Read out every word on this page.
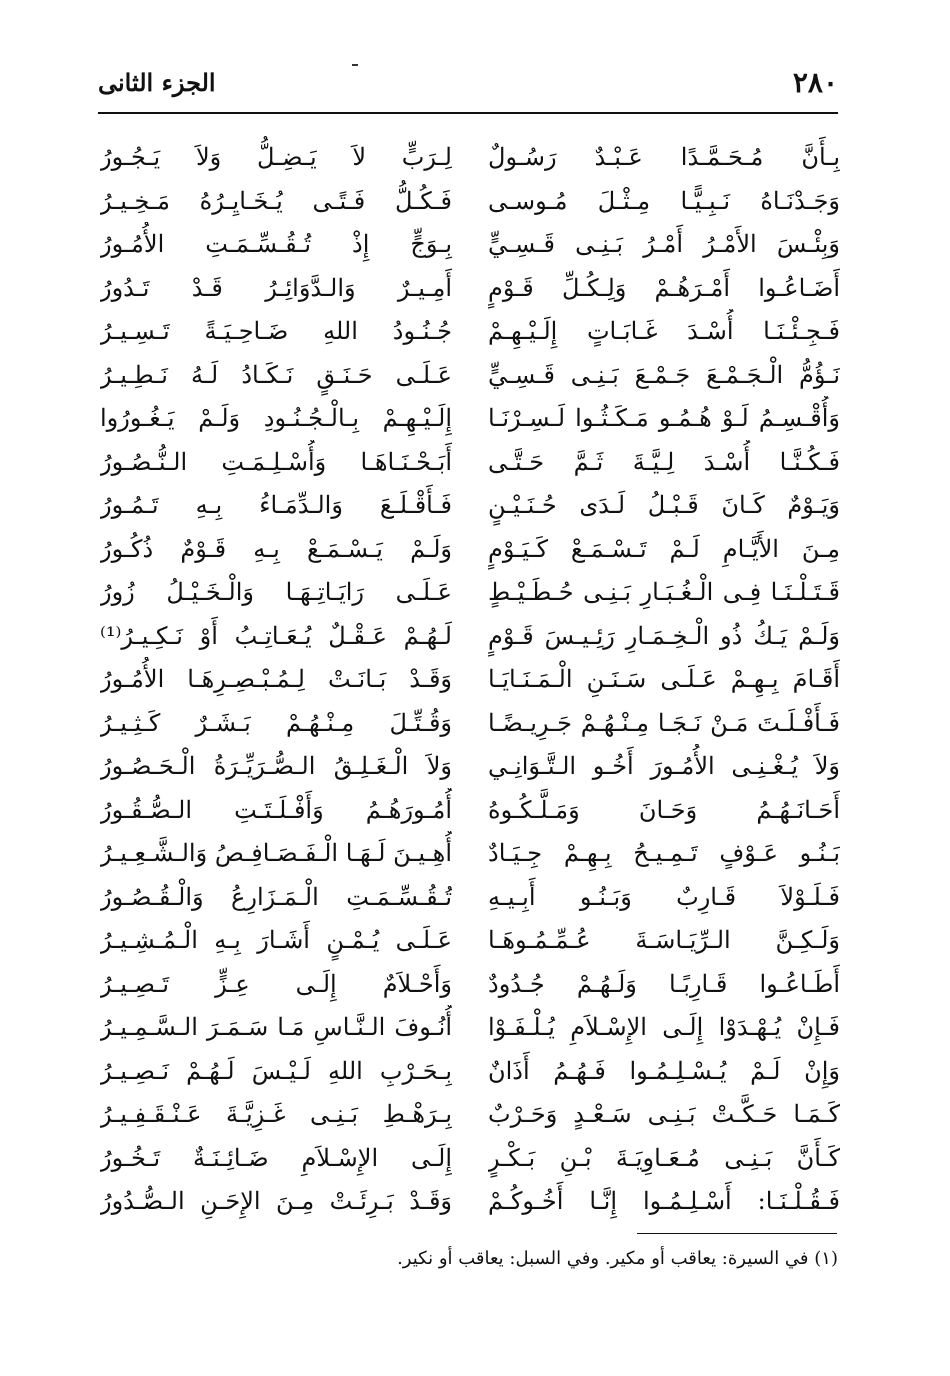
٢٨٠
الجزء الثانى
بِـأَنَّ مُـحَـمَّـدًا عَـبْـدٌ رَسُـولٌ
لِـرَبٍّ لاَ يَـضِـلُّ وَلاَ يَـجُـورُ
وَجَـدْنَـاهُ نَـبِـيًّـا مِـثْـلَ مُـوسـى
فَـكُـلُّ فَـتًـى يُـخَـايِـرُهُ مَـخِـيـرُ
وَبِئْـسَ الأَمْـرُ أَمْـرُ بَـنِـى قَـسِـيٍّ
بِـوَجٍّ إِذْ تُـقُـسِّـمَـتِ الأُمُـورُ
أَضَـاعُـوا أَمْـرَهُـمْ وَلِـكُـلِّ قَـوْمٍ
أَمِـيـرٌ وَالـدَّوَائِـرُ قَـدْ تَـدُورُ
فَـجِـئْـنَـا أُسْـدَ غَـابَـاتٍ إِلَـيْـهِـمْ
جُـنُـودُ اللهِ ضَـاحِـيَـةً تَـسِـيـرُ
نَـؤُمُّ الْـجَـمْـعَ جَـمْـعَ بَـنِـى قَـسِـيٍّ
عَـلَـى حَـنَـقٍ نَـكَـادُ لَـهُ نَـطِـيـرُ
وَأُقْـسِـمُ لَـوْ هُـمُـو مَـكَـثُـوا لَـسِـرْنَـا
إِلَـيْـهِـمْ بِـالْـجُـنُـودِ وَلَـمْ يَـغُـورُوا
فَـكُـنَّـا أُسْـدَ لِـيَّـةَ ثَـمَّ حَـتَّـى
أَبَـحْـنَـاهَـا وَأُسْـلِـمَـتِ الـنُّـصُـورُ
وَيَـوْمٌ كَـانَ قَـبْـلُ لَـدَى حُـنَـيْـنٍ
فَـأَقْـلَـعَ وَالـدِّمَـاءُ بِـهِ تَـمُـورُ
مِـنَ الأَيَّـامِ لَـمْ تَـسْـمَـعْ كَـيَـوْمٍ
وَلَـمْ يَـسْـمَـعْ بِـهِ قَـوْمٌ ذُكُـورُ
قَـتَـلْـنَـا فِـى الْـغُـبَـارِ بَـنِـى حُـطَـيْـطٍ
عَـلَـى رَايَـاتِـهَـا وَالْـخَـيْـلُ زُورُ
وَلَـمْ يَـكُ ذُو الْـخِـمَـارِ رَئِـيـسَ قَـوْمٍ
لَـهُـمْ عَـقْـلٌ يُـعَـاتِـبُ أَوْ نَـكِـيـرُ⁽¹⁾
أَقَـامَ بِـهِـمْ عَـلَـى سَـنَـنِ الْـمَـنَـايَـا
وَقَـدْ بَـانَـتْ لِـمُـبْـصِـرِهَـا الأُمُـورُ
فَـأَفْـلَـتَ مَـنْ نَـجَـا مِـنْـهُـمْ جَـرِيـضًـا
وَقُـتِّـلَ مِـنْـهُـمْ بَـشَـرٌ كَـثِـيـرُ
وَلاَ يُـغْـنِـى الأُمُـورَ أَخُـو الـتَّـوَانِـي
وَلاَ الْـغَـلِـقُ الـصُّـرَيِّـرَةُ الْـحَـصُـورُ
أَحَـانَـهُـمُ وَحَـانَ وَمَـلَّـكُـوهُ
أُمُـورَهُـمُ وَأَفْـلَـتَـتِ الـصُّـقُـورُ
بَـنُـو عَـوْفٍ تَـمِـيـحُ بِـهِـمْ جِـيَـادٌ
أُهِـيـنَ لَـهَـا الْـفَـصَـافِـصُ وَالـشَّـعِـيـرُ
فَـلَـوْلاَ قَـارِبٌ وَبَـنُـو أَبِـيـهِ
تُـقُـسِّـمَـتِ الْـمَـزَارِعُ وَالْـقُـصُـورُ
وَلَـكِـنَّ الـرِّيَـاسَـةَ عُـمِّـمُـوهَـا
عَـلَـى يُـمْـنٍ أَشَـارَ بِـهِ الْـمُـشِـيـرُ
أَطَـاعُـوا قَـارِبًـا وَلَـهُـمْ جُـدُودٌ
وَأَحْـلاَمٌ إِلَـى عِـزٍّ تَـصِـيـرُ
فَـإِنْ يُـهْـدَوْا إِلَـى الإِسْـلاَمِ يُـلْـفَـوْا
أُنُـوفَ الـنَّـاسِ مَـا سَـمَـرَ الـسَّـمِـيـرُ
وَإِنْ لَـمْ يُـسْـلِـمُـوا فَـهُـمُ أَذَانٌ
بِـحَـرْبِ اللهِ لَـيْـسَ لَـهُـمْ نَـصِـيـرُ
كَـمَـا حَـكَّـتْ بَـنِـى سَـعْـدٍ وَحَـرْبٌ
بِـرَهْـطِ بَـنِـى غَـزِيَّـةَ عَـنْـقَـفِـيـرُ
كَـأَنَّ بَـنِـى مُـعَـاوِيَـةَ بْـنِ بَـكْـرٍ
إِلَـى الإِسْـلاَمِ ضَـائِـنَـةٌ تَـخُـورُ
فَـقُـلْـنَـا: أَسْـلِـمُـوا إِنَّـا أَخُـوكُـمْ
وَقَـدْ بَـرِئَـتْ مِـنَ الإِحَـنِ الـصُّـدُورُ
(١) في السيرة: يعاقب أو مكير. وفي السبل: يعاقب أو نكير.
